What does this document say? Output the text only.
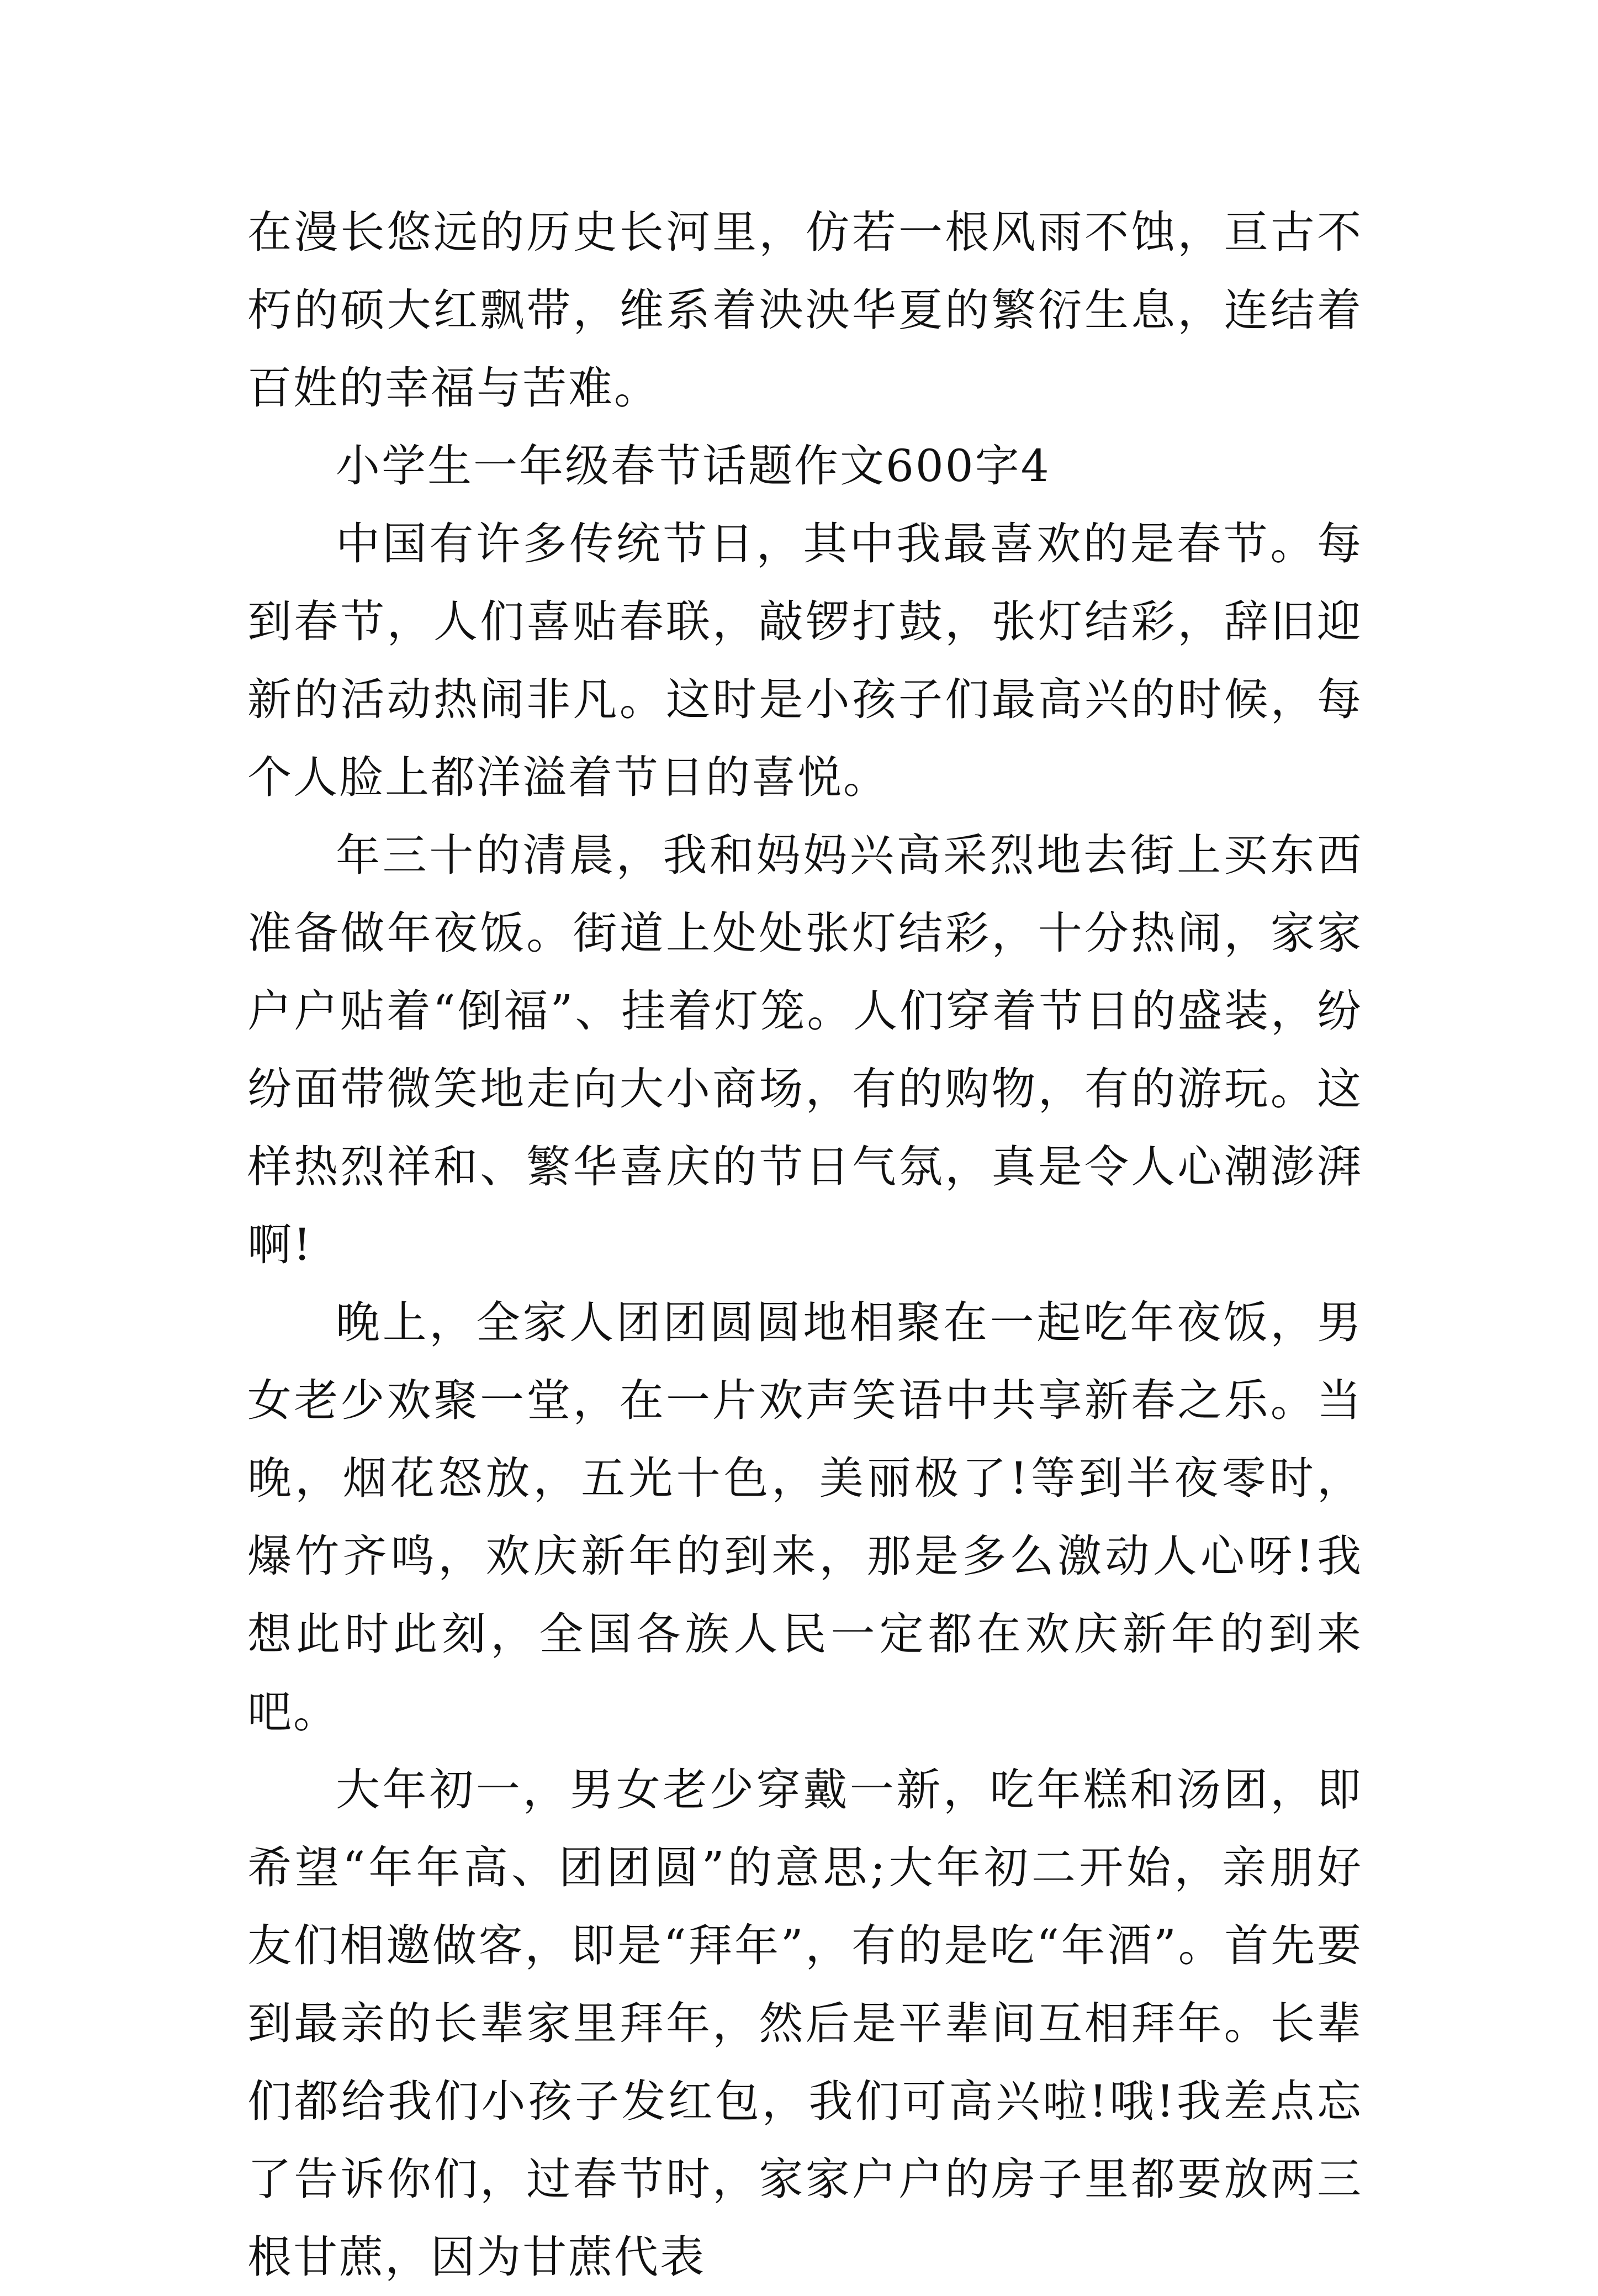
在漫长悠远的历史长河里，仿若一根风雨不蚀，亘古不朽的硕大红飘带，维系着泱泱华夏的繁衍生息，连结着百姓的幸福与苦难。

小学生一年级春节话题作文600字4

中国有许多传统节日，其中我最喜欢的是春节。每到春节，人们喜贴春联，敲锣打鼓，张灯结彩，辞旧迎新的活动热闹非凡。这时是小孩子们最高兴的时候，每个人脸上都洋溢着节日的喜悦。

年三十的清晨，我和妈妈兴高采烈地去街上买东西准备做年夜饭。街道上处处张灯结彩，十分热闹，家家户户贴着“倒福”、挂着灯笼。人们穿着节日的盛装，纷纷面带微笑地走向大小商场，有的购物，有的游玩。这样热烈祥和、繁华喜庆的节日气氛，真是令人心潮澎湃啊!

晚上，全家人团团圆圆地相聚在一起吃年夜饭，男女老少欢聚一堂，在一片欢声笑语中共享新春之乐。当晚，烟花怒放，五光十色，美丽极了!等到半夜零时，爆竹齐鸣，欢庆新年的到来，那是多么激动人心呀!我想此时此刻，全国各族人民一定都在欢庆新年的到来吧。

大年初一，男女老少穿戴一新，吃年糕和汤团，即希望“年年高、团团圆”的意思;大年初二开始，亲朋好友们相邀做客，即是“拜年”，有的是吃“年酒”。首先要到最亲的长辈家里拜年，然后是平辈间互相拜年。长辈们都给我们小孩子发红包，我们可高兴啦!哦!我差点忘了告诉你们，过春节时，家家户户的房子里都要放两三根甘蔗，因为甘蔗代表
